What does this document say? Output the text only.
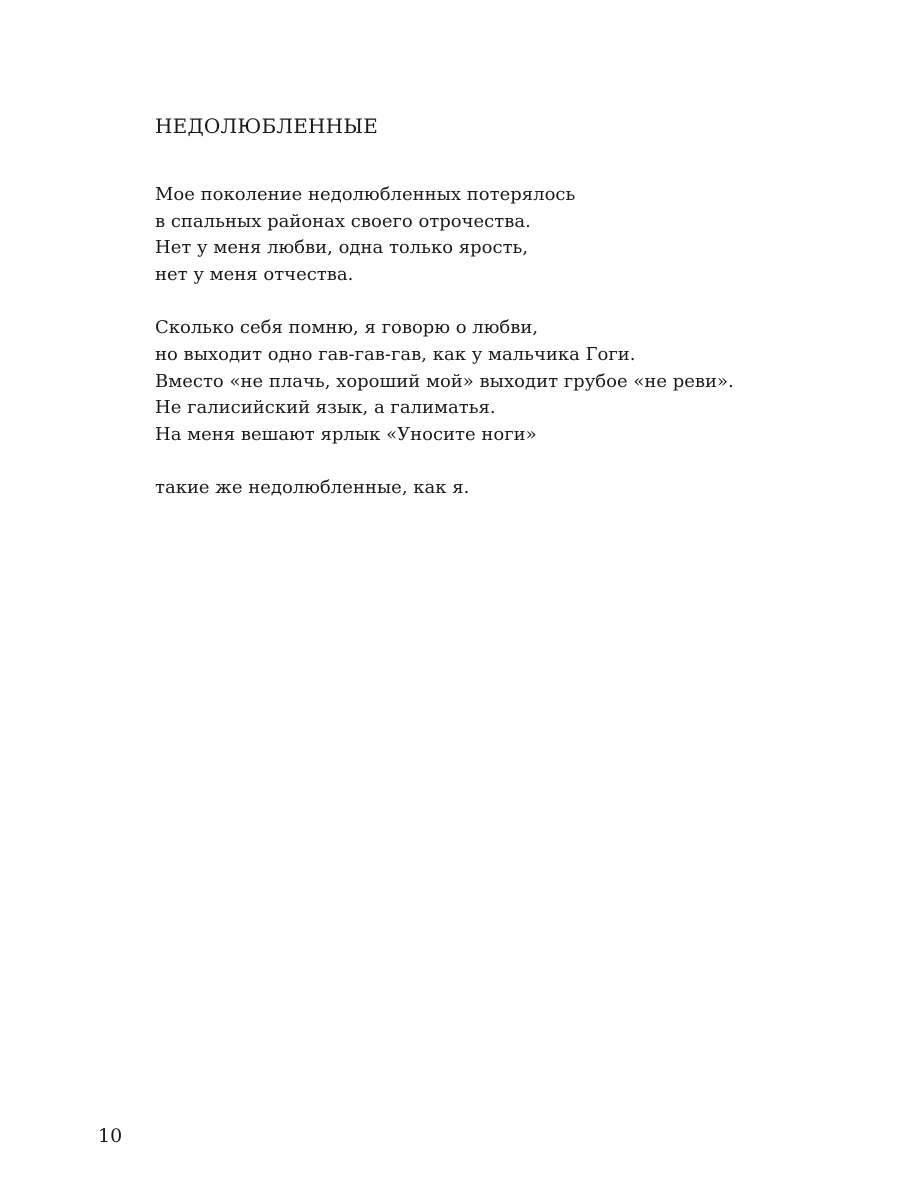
НЕДОЛЮБЛЕННЫЕ
Мое поколение недолюбленных потерялось
в спальных районах своего отрочества.
Нет у меня любви, одна только ярость,
нет у меня отчества.
Сколько себя помню, я говорю о любви,
но выходит одно гав-гав-гав, как у мальчика Гоги.
Вместо «не плачь, хороший мой» выходит грубое «не реви».
Не галисийский язык, а галиматья.
На меня вешают ярлык «Уносите ноги»
такие же недолюбленные, как я.
10
